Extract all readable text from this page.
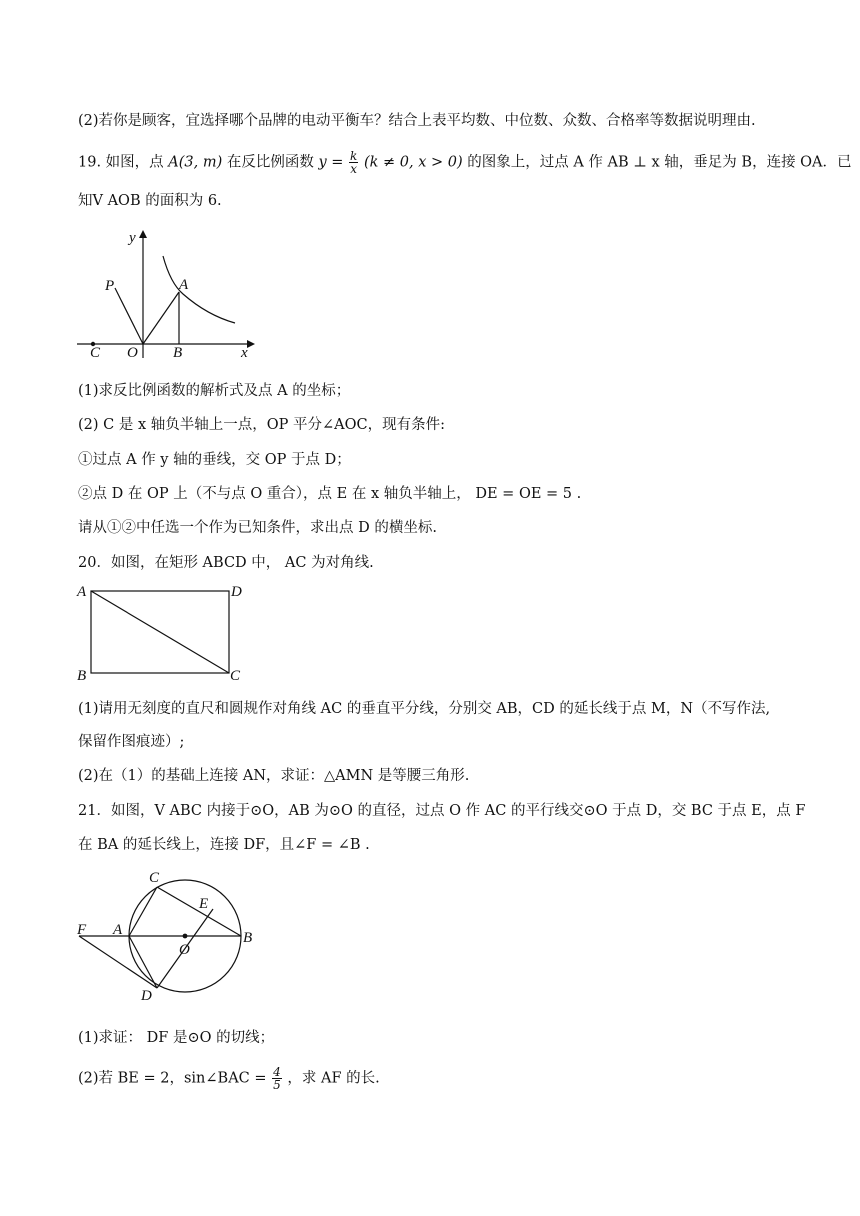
(2)若你是顾客，宜选择哪个品牌的电动平衡车？结合上表平均数、中位数、众数、合格率等数据说明理由.
19. 如图，点 A(3, m) 在反比例函数 $y = \frac{k}{x} (k \ne 0$, x > 0) 的图象上，过点 A 作 AB ⊥ x 轴，垂足为 B，连接 OA．已
知V AOB 的面积为 6.
y
x
P	A
C O B
(1)求反比例函数的解析式及点 A 的坐标；
(2) C 是 x 轴负半轴上一点，OP 平分∠AOC，现有条件:
①过点 A 作 y 轴的垂线，交 OP 于点 D；
②点 D 在 OP 上（不与点 O 重合），点 E 在 x 轴负半轴上， DE = OE = 5 .
请从①②中任选一个作为已知条件，求出点 D 的横坐标.
20．如图，在矩形 ABCD 中， AC 为对角线.
A	D
B	C
(1)请用无刻度的直尺和圆规作对角线 AC 的垂直平分线，分别交 AB，CD 的延长线于点 M，N（不写作法,
保留作图痕迹）;
(2)在（1）的基础上连接 AN，求证：△AMN 是等腰三角形.
21．如图，V ABC 内接于⊙O，AB 为⊙O 的直径，过点 O 作 AC 的平行线交⊙O 于点 D，交 BC 于点 E，点 F
在 BA 的延长线上，连接 DF，且∠F = ∠B .
C
E
F A
O
B
D
(1)求证： DF 是⊙O 的切线；
(2)若 BE = 2，sin∠BAC = $\frac{4}{5}$ ，求 AF 的长.
